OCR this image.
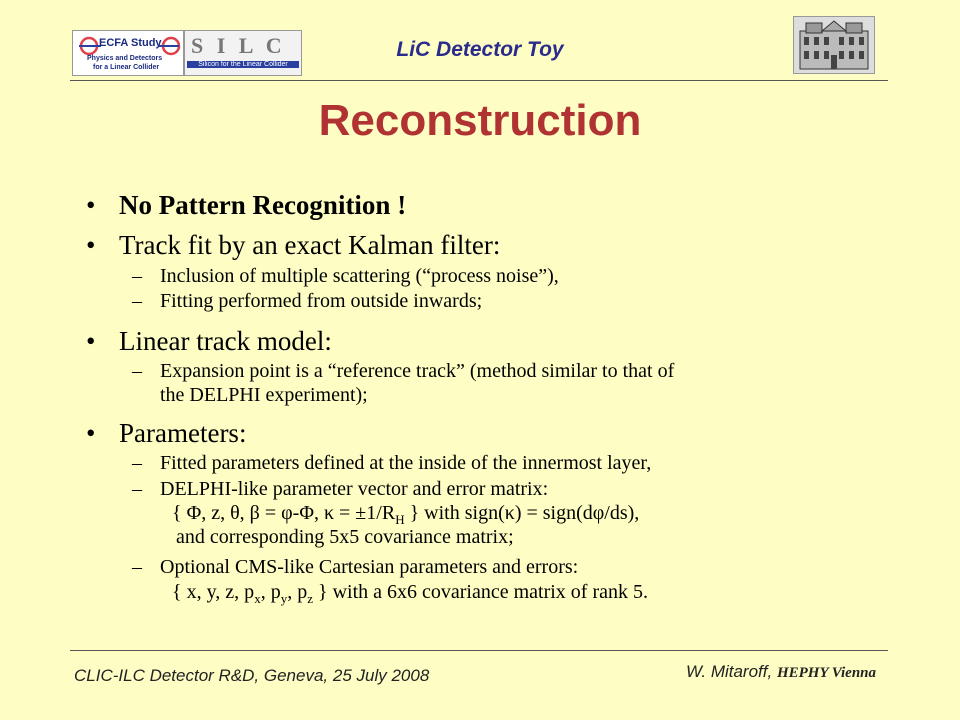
ECFA Study
Physics and Detectors
for a Linear Collider
S I L C
Silicon for the Linear Collider
LiC Detector Toy
Reconstruction
• No Pattern Recognition !
• Track fit by an exact Kalman filter:
– Inclusion of multiple scattering (“process noise”),
– Fitting performed from outside inwards;
• Linear track model:
– Expansion point is a “reference track” (method similar to that of
the DELPHI experiment);
• Parameters:
– Fitted parameters defined at the inside of the innermost layer,
– DELPHI-like parameter vector and error matrix:
{ Φ, z, θ, β = φ-Φ, $\kappa = \pm 1/R_H$ } with sign(κ) = sign(dφ/ds),
and corresponding 5x5 covariance matrix;
– Optional CMS-like Cartesian parameters and errors:
{ x, y, z, $p_x$, $p_y$, $p_z$ } with a 6x6 covariance matrix of rank 5.
CLIC-ILC Detector R&D, Geneva, 25 July 2008	W. Mitaroff, HEPHY Vienna
